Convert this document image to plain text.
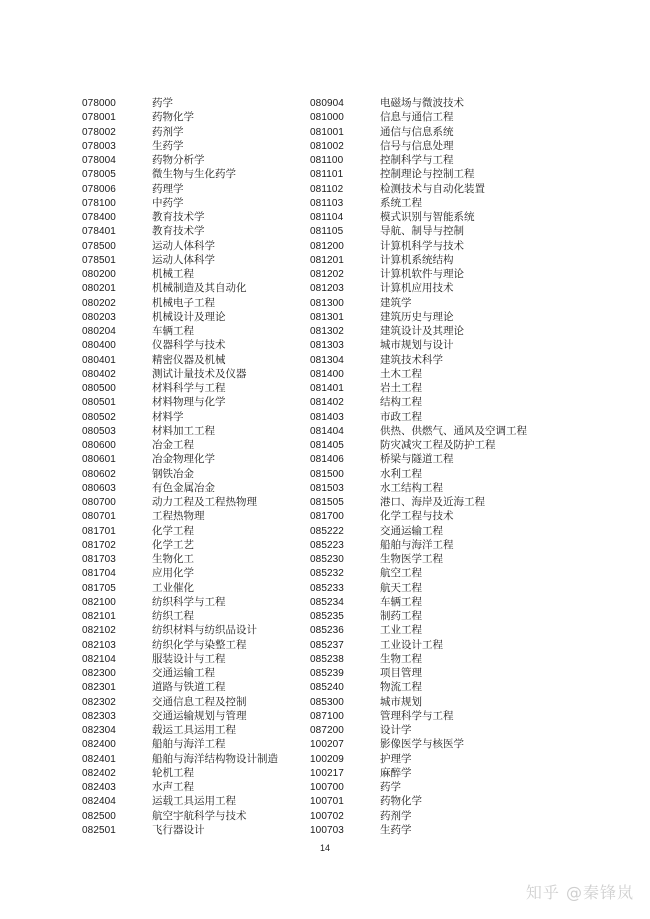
078000	药学
078001	药物化学
078002	药剂学
078003	生药学
078004	药物分析学
078005	微生物与生化药学
078006	药理学
078100	中药学
078400	教育技术学
078401	教育技术学
078500	运动人体科学
078501	运动人体科学
080200	机械工程
080201	机械制造及其自动化
080202	机械电子工程
080203	机械设计及理论
080204	车辆工程
080400	仪器科学与技术
080401	精密仪器及机械
080402	测试计量技术及仪器
080500	材料科学与工程
080501	材料物理与化学
080502	材料学
080503	材料加工工程
080600	冶金工程
080601	冶金物理化学
080602	钢铁冶金
080603	有色金属冶金
080700	动力工程及工程热物理
080701	工程热物理
081701	化学工程
081702	化学工艺
081703	生物化工
081704	应用化学
081705	工业催化
082100	纺织科学与工程
082101	纺织工程
082102	纺织材料与纺织品设计
082103	纺织化学与染整工程
082104	服装设计与工程
082300	交通运输工程
082301	道路与铁道工程
082302	交通信息工程及控制
082303	交通运输规划与管理
082304	载运工具运用工程
082400	船舶与海洋工程
082401	船舶与海洋结构物设计制造
082402	轮机工程
082403	水声工程
082404	运载工具运用工程
082500	航空宇航科学与技术
082501	飞行器设计
080904	电磁场与微波技术
081000	信息与通信工程
081001	通信与信息系统
081002	信号与信息处理
081100	控制科学与工程
081101	控制理论与控制工程
081102	检测技术与自动化装置
081103	系统工程
081104	模式识别与智能系统
081105	导航、制导与控制
081200	计算机科学与技术
081201	计算机系统结构
081202	计算机软件与理论
081203	计算机应用技术
081300	建筑学
081301	建筑历史与理论
081302	建筑设计及其理论
081303	城市规划与设计
081304	建筑技术科学
081400	土木工程
081401	岩土工程
081402	结构工程
081403	市政工程
081404	供热、供燃气、通风及空调工程
081405	防灾减灾工程及防护工程
081406	桥梁与隧道工程
081500	水利工程
081503	水工结构工程
081505	港口、海岸及近海工程
081700	化学工程与技术
085222	交通运输工程
085223	船舶与海洋工程
085230	生物医学工程
085232	航空工程
085233	航天工程
085234	车辆工程
085235	制药工程
085236	工业工程
085237	工业设计工程
085238	生物工程
085239	项目管理
085240	物流工程
085300	城市规划
087100	管理科学与工程
087200	设计学
100207	影像医学与核医学
100209	护理学
100217	麻醉学
100700	药学
100701	药物化学
100702	药剂学
100703	生药学
14
知乎 @秦锋岚
